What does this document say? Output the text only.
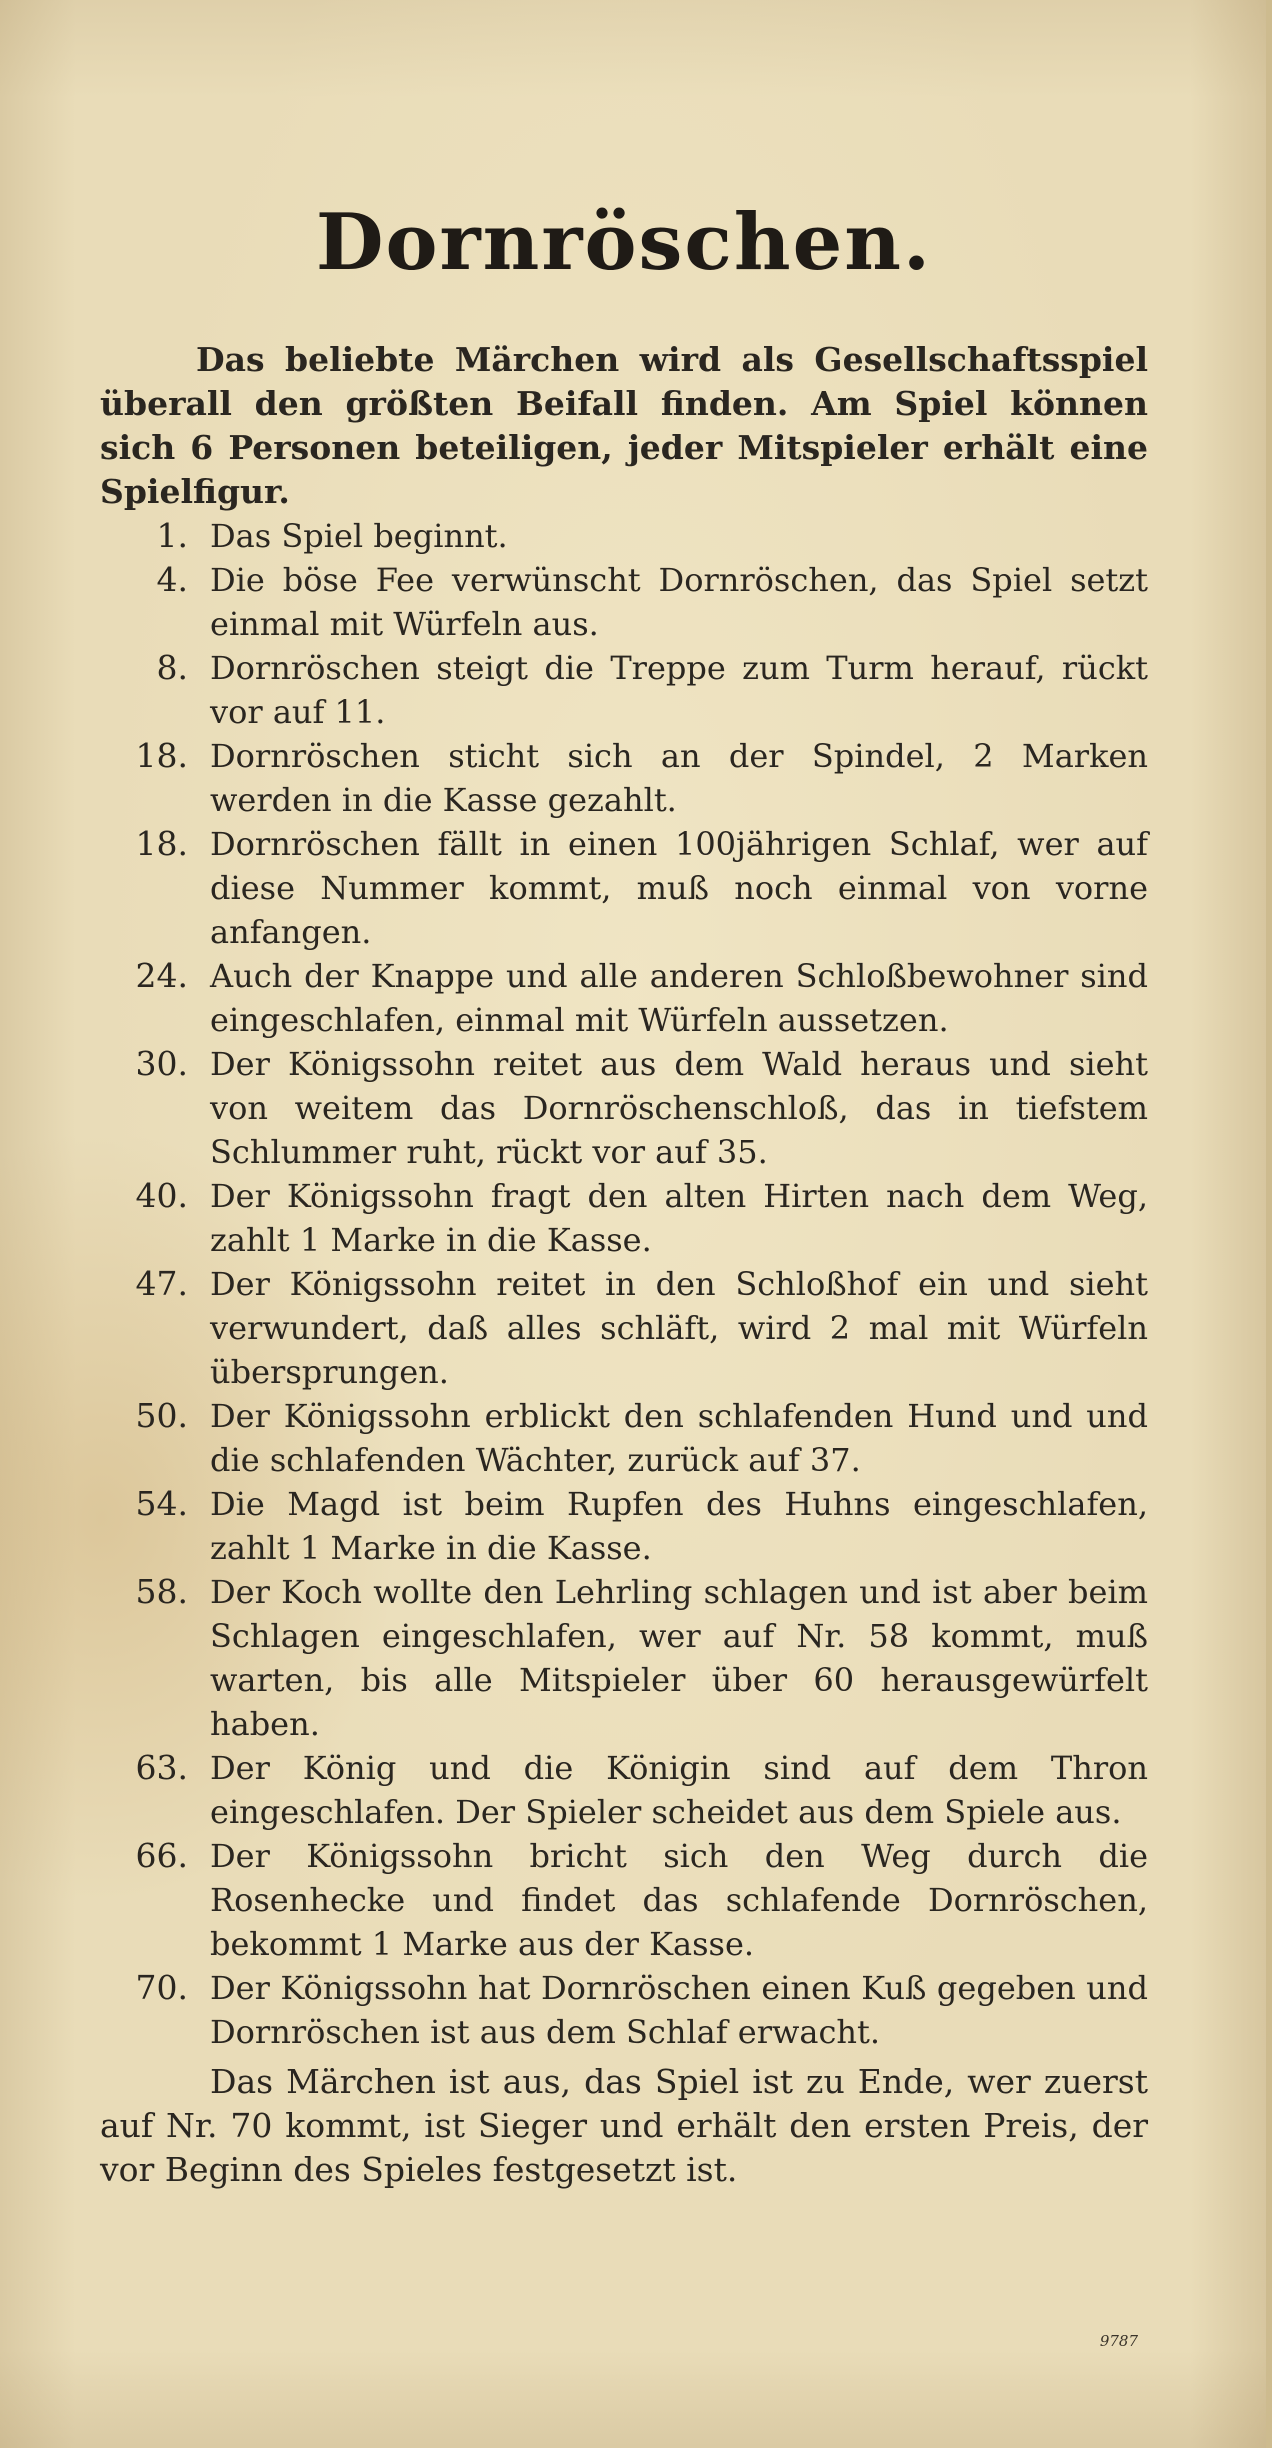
Dornröschen.

Das beliebte Märchen wird als Gesellschaftsspiel überall den größten Beifall finden. Am Spiel können sich 6 Personen beteiligen, jeder Mitspieler erhält eine Spielfigur.

1. Das Spiel beginnt.
4. Die böse Fee verwünscht Dornröschen, das Spiel setzt einmal mit Würfeln aus.
8. Dornröschen steigt die Treppe zum Turm herauf, rückt vor auf 11.
18. Dornröschen sticht sich an der Spindel, 2 Marken werden in die Kasse gezahlt.
18. Dornröschen fällt in einen 100jährigen Schlaf, wer auf diese Nummer kommt, muß noch einmal von vorne anfangen.
24. Auch der Knappe und alle anderen Schloßbewohner sind eingeschlafen, einmal mit Würfeln aussetzen.
30. Der Königssohn reitet aus dem Wald heraus und sieht von weitem das Dornröschenschloß, das in tiefstem Schlummer ruht, rückt vor auf 35.
40. Der Königssohn fragt den alten Hirten nach dem Weg, zahlt 1 Marke in die Kasse.
47. Der Königssohn reitet in den Schloßhof ein und sieht verwundert, daß alles schläft, wird 2 mal mit Würfeln übersprungen.
50. Der Königssohn erblickt den schlafenden Hund und und die schlafenden Wächter, zurück auf 37.
54. Die Magd ist beim Rupfen des Huhns eingeschlafen, zahlt 1 Marke in die Kasse.
58. Der Koch wollte den Lehrling schlagen und ist aber beim Schlagen eingeschlafen, wer auf Nr. 58 kommt, muß warten, bis alle Mitspieler über 60 herausgewürfelt haben.
63. Der König und die Königin sind auf dem Thron eingeschlafen. Der Spieler scheidet aus dem Spiele aus.
66. Der Königssohn bricht sich den Weg durch die Rosenhecke und findet das schlafende Dornröschen, bekommt 1 Marke aus der Kasse.
70. Der Königssohn hat Dornröschen einen Kuß gegeben und Dornröschen ist aus dem Schlaf erwacht.

Das Märchen ist aus, das Spiel ist zu Ende, wer zuerst auf Nr. 70 kommt, ist Sieger und erhält den ersten Preis, der vor Beginn des Spieles festgesetzt ist.

9787
